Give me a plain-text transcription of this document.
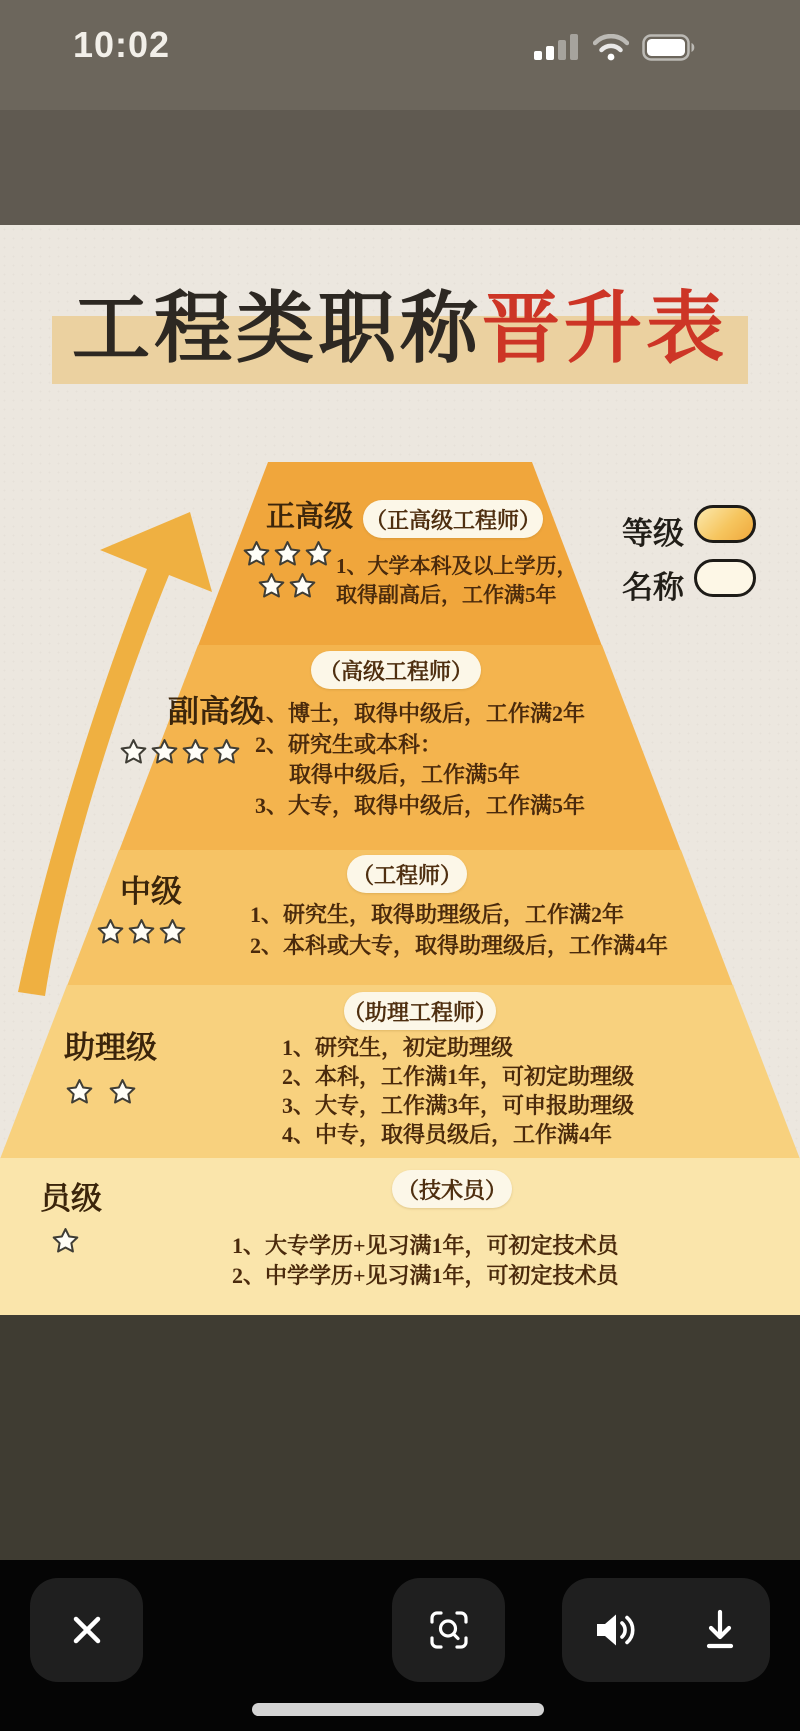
10:02
工程类职称晋升表
等级
名称
正高级 （正高级工程师）
1、大学本科及以上学历，
取得副高后，工作满5年
副高级
（高级工程师）
1、博士，取得中级后，工作满2年
2、研究生或本科：
取得中级后，工作满5年
3、大专，取得中级后，工作满5年
中级	（工程师）
1、研究生，取得助理级后，工作满2年
2、本科或大专，取得助理级后，工作满4年
助理级
（助理工程师）
1、研究生，初定助理级
2、本科，工作满1年，可初定助理级
3、大专，工作满3年，可申报助理级
4、中专，取得员级后，工作满4年
员级	（技术员）
1、大专学历+见习满1年，可初定技术员
2、中学学历+见习满1年，可初定技术员
